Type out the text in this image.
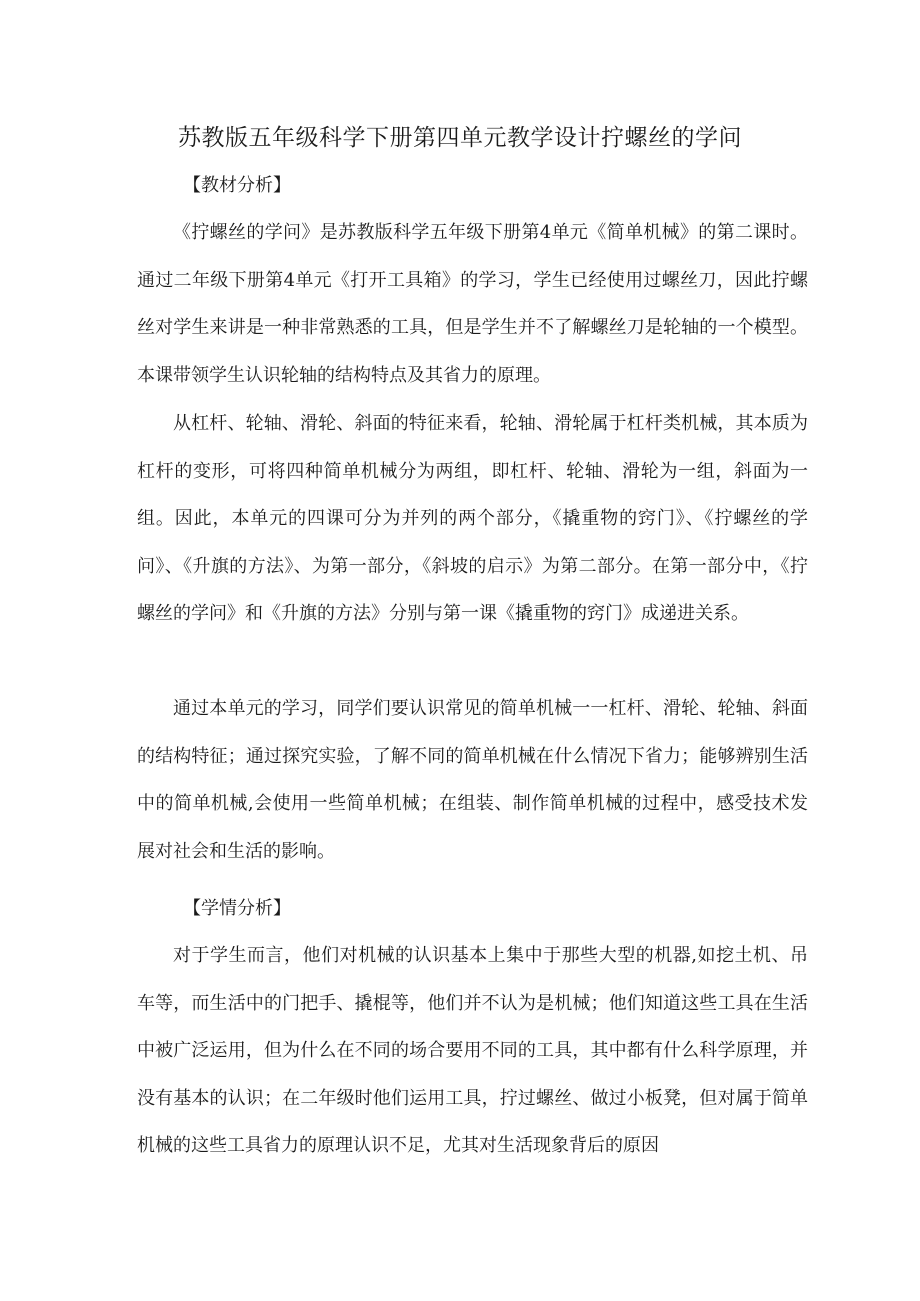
苏教版五年级科学下册第四单元教学设计拧螺丝的学问
【教材分析】

《拧螺丝的学问》是苏教版科学五年级下册第4单元《简单机械》的第二课时。通过二年级下册第4单元《打开工具箱》的学习，学生已经使用过螺丝刀，因此拧螺丝对学生来讲是一种非常熟悉的工具，但是学生并不了解螺丝刀是轮轴的一个模型。本课带领学生认识轮轴的结构特点及其省力的原理。

从杠杆、轮轴、滑轮、斜面的特征来看，轮轴、滑轮属于杠杆类机械，其本质为杠杆的变形，可将四种简单机械分为两组，即杠杆、轮轴、滑轮为一组，斜面为一组。因此，本单元的四课可分为并列的两个部分，《撬重物的窍门》、《拧螺丝的学问》、《升旗的方法》、为第一部分，《斜坡的启示》为第二部分。在第一部分中，《拧螺丝的学问》和《升旗的方法》分别与第一课《撬重物的窍门》成递进关系。

通过本单元的学习，同学们要认识常见的简单机械一一杠杆、滑轮、轮轴、斜面的结构特征；通过探究实验，了解不同的简单机械在什么情况下省力；能够辨别生活中的简单机械,会使用一些简单机械；在组装、制作简单机械的过程中，感受技术发展对社会和生活的影响。

【学情分析】

对于学生而言，他们对机械的认识基本上集中于那些大型的机器,如挖土机、吊车等，而生活中的门把手、撬棍等，他们并不认为是机械；他们知道这些工具在生活中被广泛运用，但为什么在不同的场合要用不同的工具，其中都有什么科学原理，并没有基本的认识；在二年级时他们运用工具，拧过螺丝、做过小板凳，但对属于简单机械的这些工具省力的原理认识不足，尤其对生活现象背后的原因
